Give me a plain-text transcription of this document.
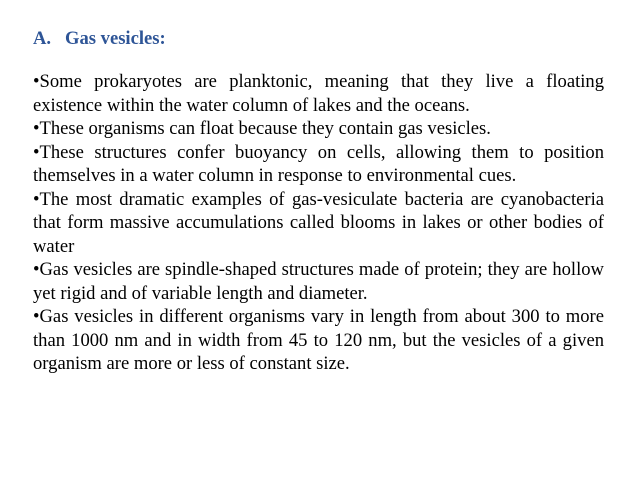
A. Gas vesicles:

•Some prokaryotes are planktonic, meaning that they live a floating existence within the water column of lakes and the oceans.

•These organisms can float because they contain gas vesicles.

•These structures confer buoyancy on cells, allowing them to position themselves in a water column in response to environmental cues.

•The most dramatic examples of gas-vesiculate bacteria are cyanobacteria that form massive accumulations called blooms in lakes or other bodies of water

•Gas vesicles are spindle-shaped structures made of protein; they are hollow yet rigid and of variable length and diameter.

•Gas vesicles in different organisms vary in length from about 300 to more than 1000 nm and in width from 45 to 120 nm, but the vesicles of a given organism are more or less of constant size.
